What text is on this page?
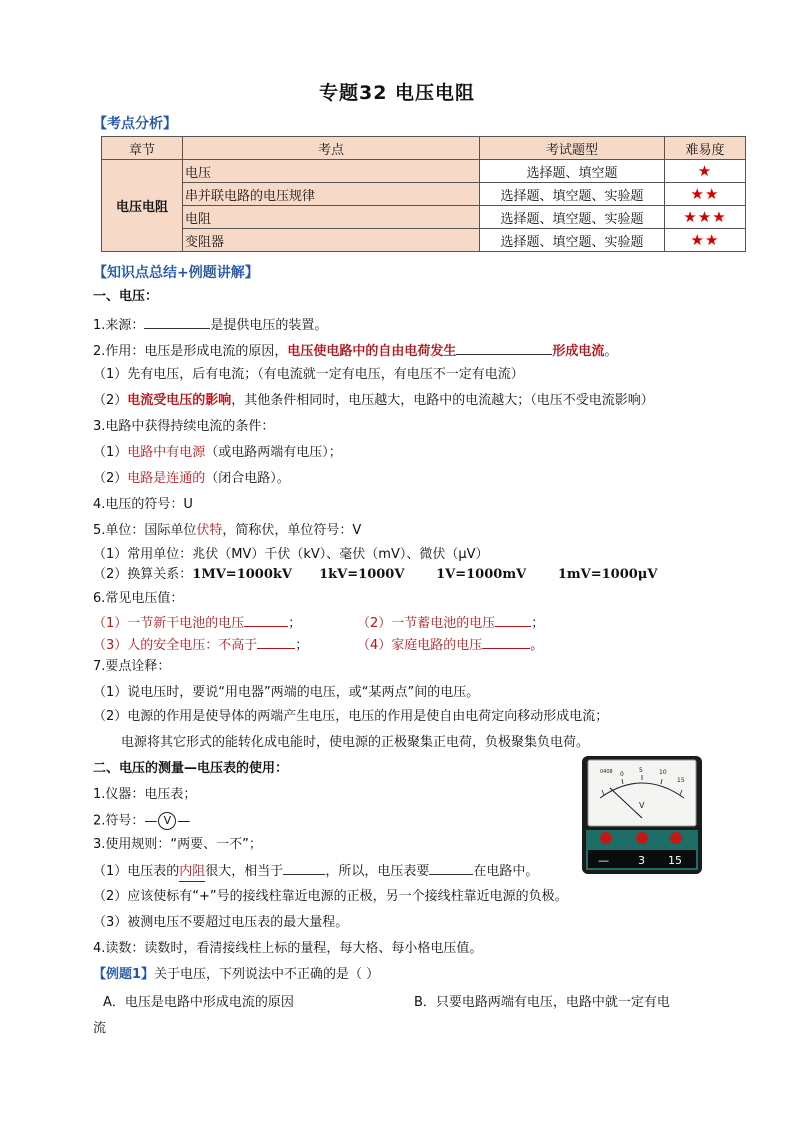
专题32 电压电阻
【考点分析】
章节	考点	考试题型	难易度
电压电阻	电压	选择题、填空题	★
	串并联电路的电压规律	选择题、填空题、实验题	★★
	电阻	选择题、填空题、实验题	★★★
	变阻器	选择题、填空题、实验题	★★
【知识点总结+例题讲解】
一、电压：
1.来源：	是提供电压的装置。
2.作用：电压是形成电流的原因，电压使电路中的自由电荷发生	形成电流。
（1）先有电压，后有电流；（有电流就一定有电压，有电压不一定有电流）
（2）电流受电压的影响，其他条件相同时，电压越大，电路中的电流越大；（电压不受电流影响）
3.电路中获得持续电流的条件：
（1）电路中有电源（或电路两端有电压）；
（2）电路是连通的（闭合电路）。
4.电压的符号：U
5.单位：国际单位伏特，简称伏，单位符号：V
（1）常用单位：兆伏（MV）千伏（kV）、毫伏（mV）、微伏（μV）
（2）换算关系：1MV=1000kV      1kV=1000V       1V=1000mV       1mV=1000μV
6.常见电压值：
（1）一节新干电池的电压	；	（2）一节蓄电池的电压	；
（3）人的安全电压：不高于	；	（4）家庭电路的电压	。
7.要点诠释：
（1）说电压时，要说“用电器”两端的电压，或“某两点”间的电压。
（2）电源的作用是使导体的两端产生电压，电压的作用是使自由电荷定向移动形成电流；
电源将其它形式的能转化成电能时，使电源的正极聚集正电荷，负极聚集负电荷。
二、电压的测量—电压表的使用：
1.仪器：电压表；
2.符号：— V —
3.使用规则：“两要、一不”；
（1）电压表的内阻很大，相当于	，所以，电压表要	在电路中。
（2）应该使标有“+”号的接线柱靠近电源的正极，另一个接线柱靠近电源的负极。
（3）被测电压不要超过电压表的最大量程。
4.读数：读数时，看清接线柱上标的量程，每大格、每小格电压值。
【例题1】关于电压，下列说法中不正确的是（ ）
A．电压是电路中形成电流的原因	B．只要电路两端有电压，电路中就一定有电
流
0408 0
5	10
15
V
—	3 15
